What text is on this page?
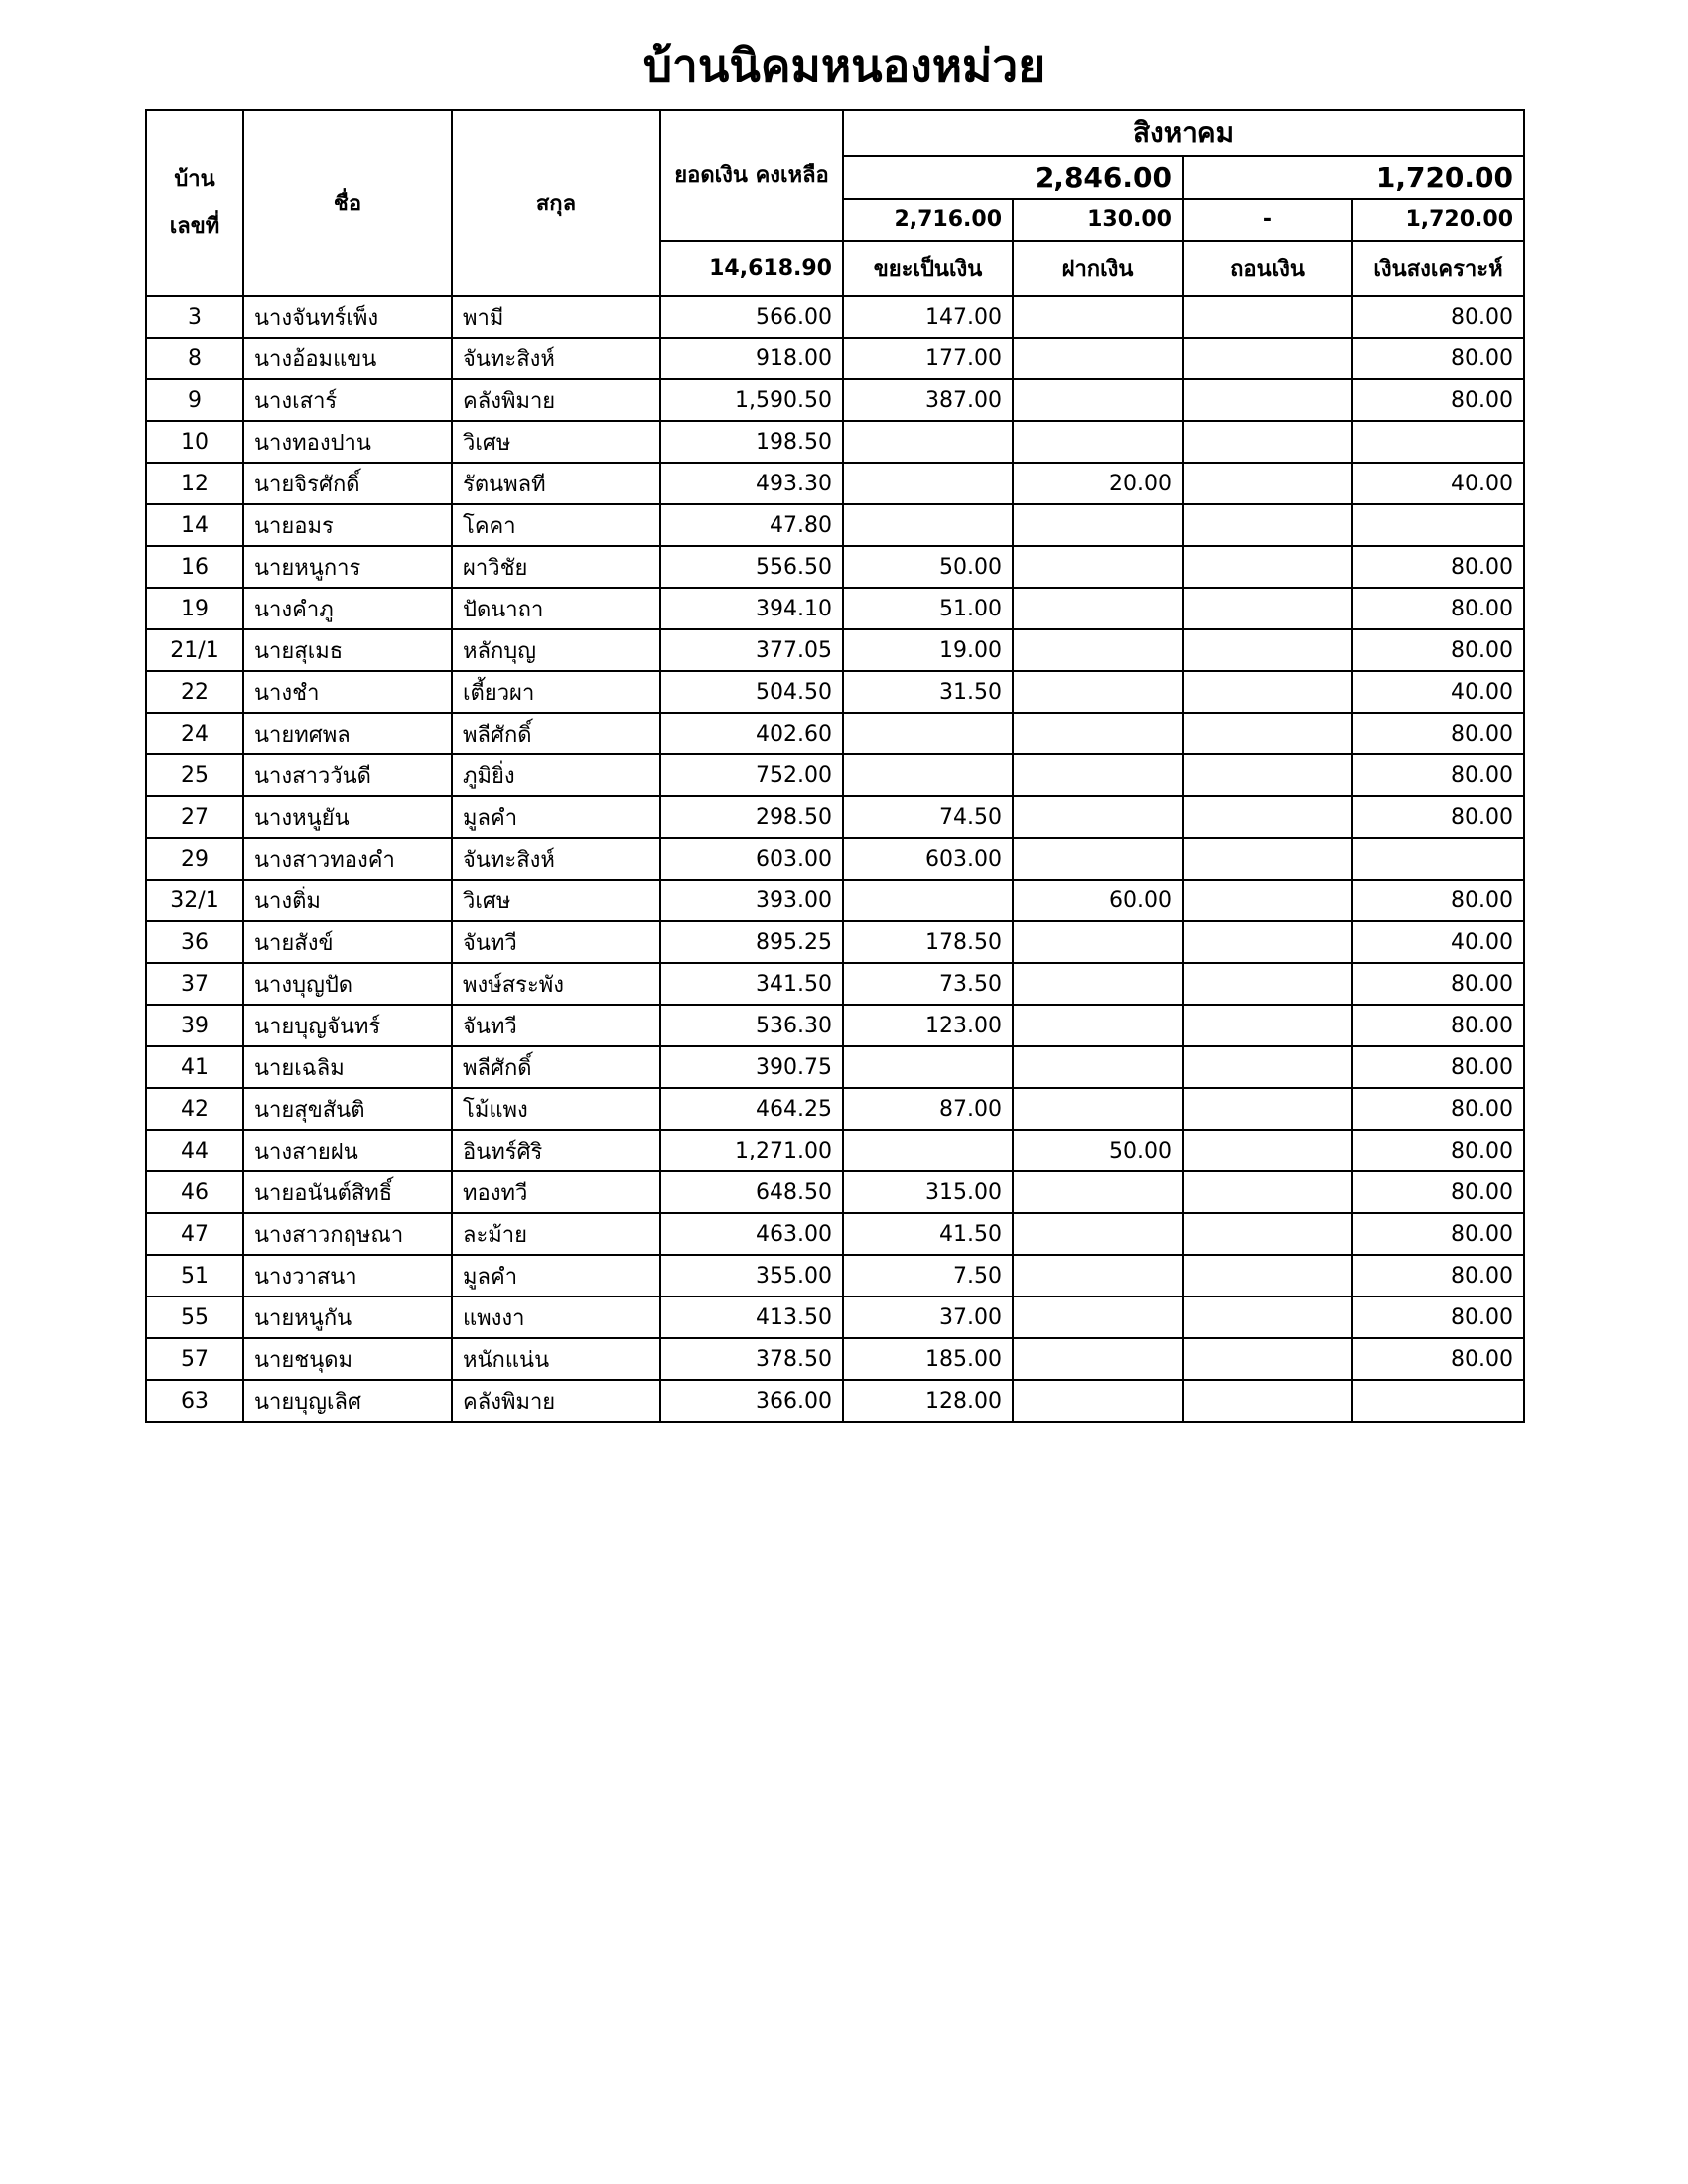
บ้านนิคมหนองหม่วย
บ้าน เลขที่	ชื่อ	สกุล	ยอดเงิน คงเหลือ	สิงหาคม			
				2,846.00		1,720.00	
				2,716.00	130.00	-	1,720.00
			14,618.90	ขยะเป็นเงิน	ฝากเงิน	ถอนเงิน	เงินสงเคราะห์
3	นางจันทร์เพ็ง	พามี	566.00	147.00			80.00
8	นางอ้อมแขน	จันทะสิงห์	918.00	177.00			80.00
9	นางเสาร์	คลังพิมาย	1,590.50	387.00			80.00
10	นางทองปาน	วิเศษ	198.50				
12	นายจิรศักดิ์	รัตนพลที	493.30		20.00		40.00
14	นายอมร	โคคา	47.80				
16	นายหนูการ	ผาวิชัย	556.50	50.00			80.00
19	นางคำภู	ปัดนาถา	394.10	51.00			80.00
21/1	นายสุเมธ	หลักบุญ	377.05	19.00			80.00
22	นางชำ	เตี้ยวผา	504.50	31.50			40.00
24	นายทศพล	พลีศักดิ์	402.60				80.00
25	นางสาววันดี	ภูมิยิ่ง	752.00				80.00
27	นางหนูยัน	มูลคำ	298.50	74.50			80.00
29	นางสาวทองคำ	จันทะสิงห์	603.00	603.00			
32/1	นางติ่ม	วิเศษ	393.00		60.00		80.00
36	นายสังข์	จันทวี	895.25	178.50			40.00
37	นางบุญปัด	พงษ์สระพัง	341.50	73.50			80.00
39	นายบุญจันทร์	จันทวี	536.30	123.00			80.00
41	นายเฉลิม	พลีศักดิ์	390.75				80.00
42	นายสุขสันติ	โม้แพง	464.25	87.00			80.00
44	นางสายฝน	อินทร์ศิริ	1,271.00		50.00		80.00
46	นายอนันต์สิทธิ์	ทองทวี	648.50	315.00			80.00
47	นางสาวกฤษณา	ละม้าย	463.00	41.50			80.00
51	นางวาสนา	มูลคำ	355.00	7.50			80.00
55	นายหนูกัน	แพงงา	413.50	37.00			80.00
57	นายชนุดม	หนักแน่น	378.50	185.00			80.00
63	นายบุญเลิศ	คลังพิมาย	366.00	128.00			
